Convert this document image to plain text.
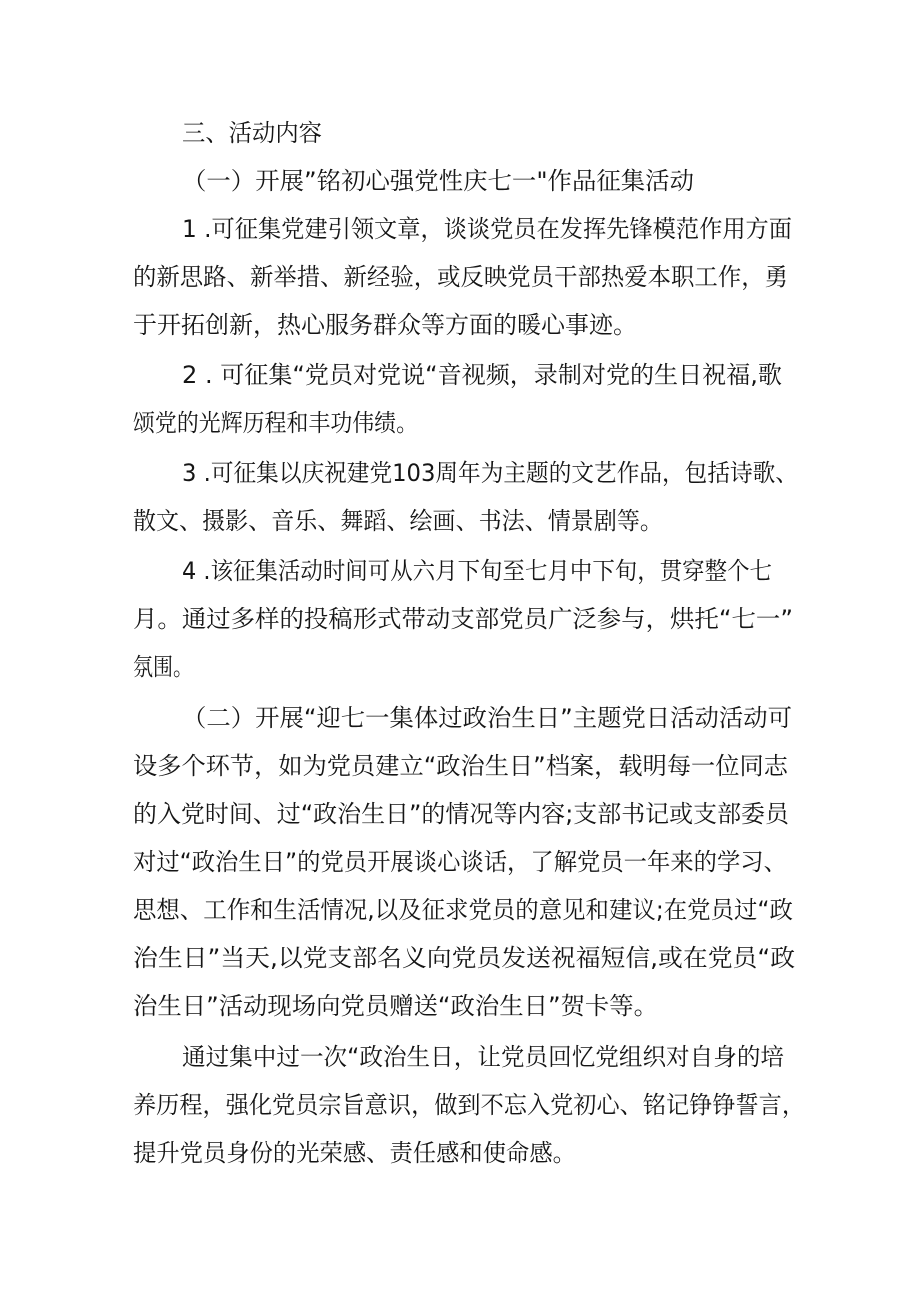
三、活动内容

（一）开展”铭初心强党性庆七一"作品征集活动

1 .可征集党建引领文章，谈谈党员在发挥先锋模范作用方面

的新思路、新举措、新经验，或反映党员干部热爱本职工作，勇

于开拓创新，热心服务群众等方面的暖心事迹。

2 . 可征集“党员对党说“音视频，录制对党的生日祝福,歌

颂党的光辉历程和丰功伟绩。

3 .可征集以庆祝建党103周年为主题的文艺作品，包括诗歌、

散文、摄影、音乐、舞蹈、绘画、书法、情景剧等。

4 .该征集活动时间可从六月下旬至七月中下旬，贯穿整个七

月。通过多样的投稿形式带动支部党员广泛参与，烘托“七一”

氛围。

（二）开展“迎七一集体过政治生日”主题党日活动活动可

设多个环节，如为党员建立“政治生日”档案，载明每一位同志

的入党时间、过“政治生日”的情况等内容;支部书记或支部委员

对过“政治生日”的党员开展谈心谈话，了解党员一年来的学习、

思想、工作和生活情况,以及征求党员的意见和建议;在党员过“政

治生日”当天,以党支部名义向党员发送祝福短信,或在党员“政

治生日”活动现场向党员赠送“政治生日”贺卡等。

通过集中过一次“政治生日，让党员回忆党组织对自身的培

养历程，强化党员宗旨意识，做到不忘入党初心、铭记铮铮誓言，

提升党员身份的光荣感、责任感和使命感。
